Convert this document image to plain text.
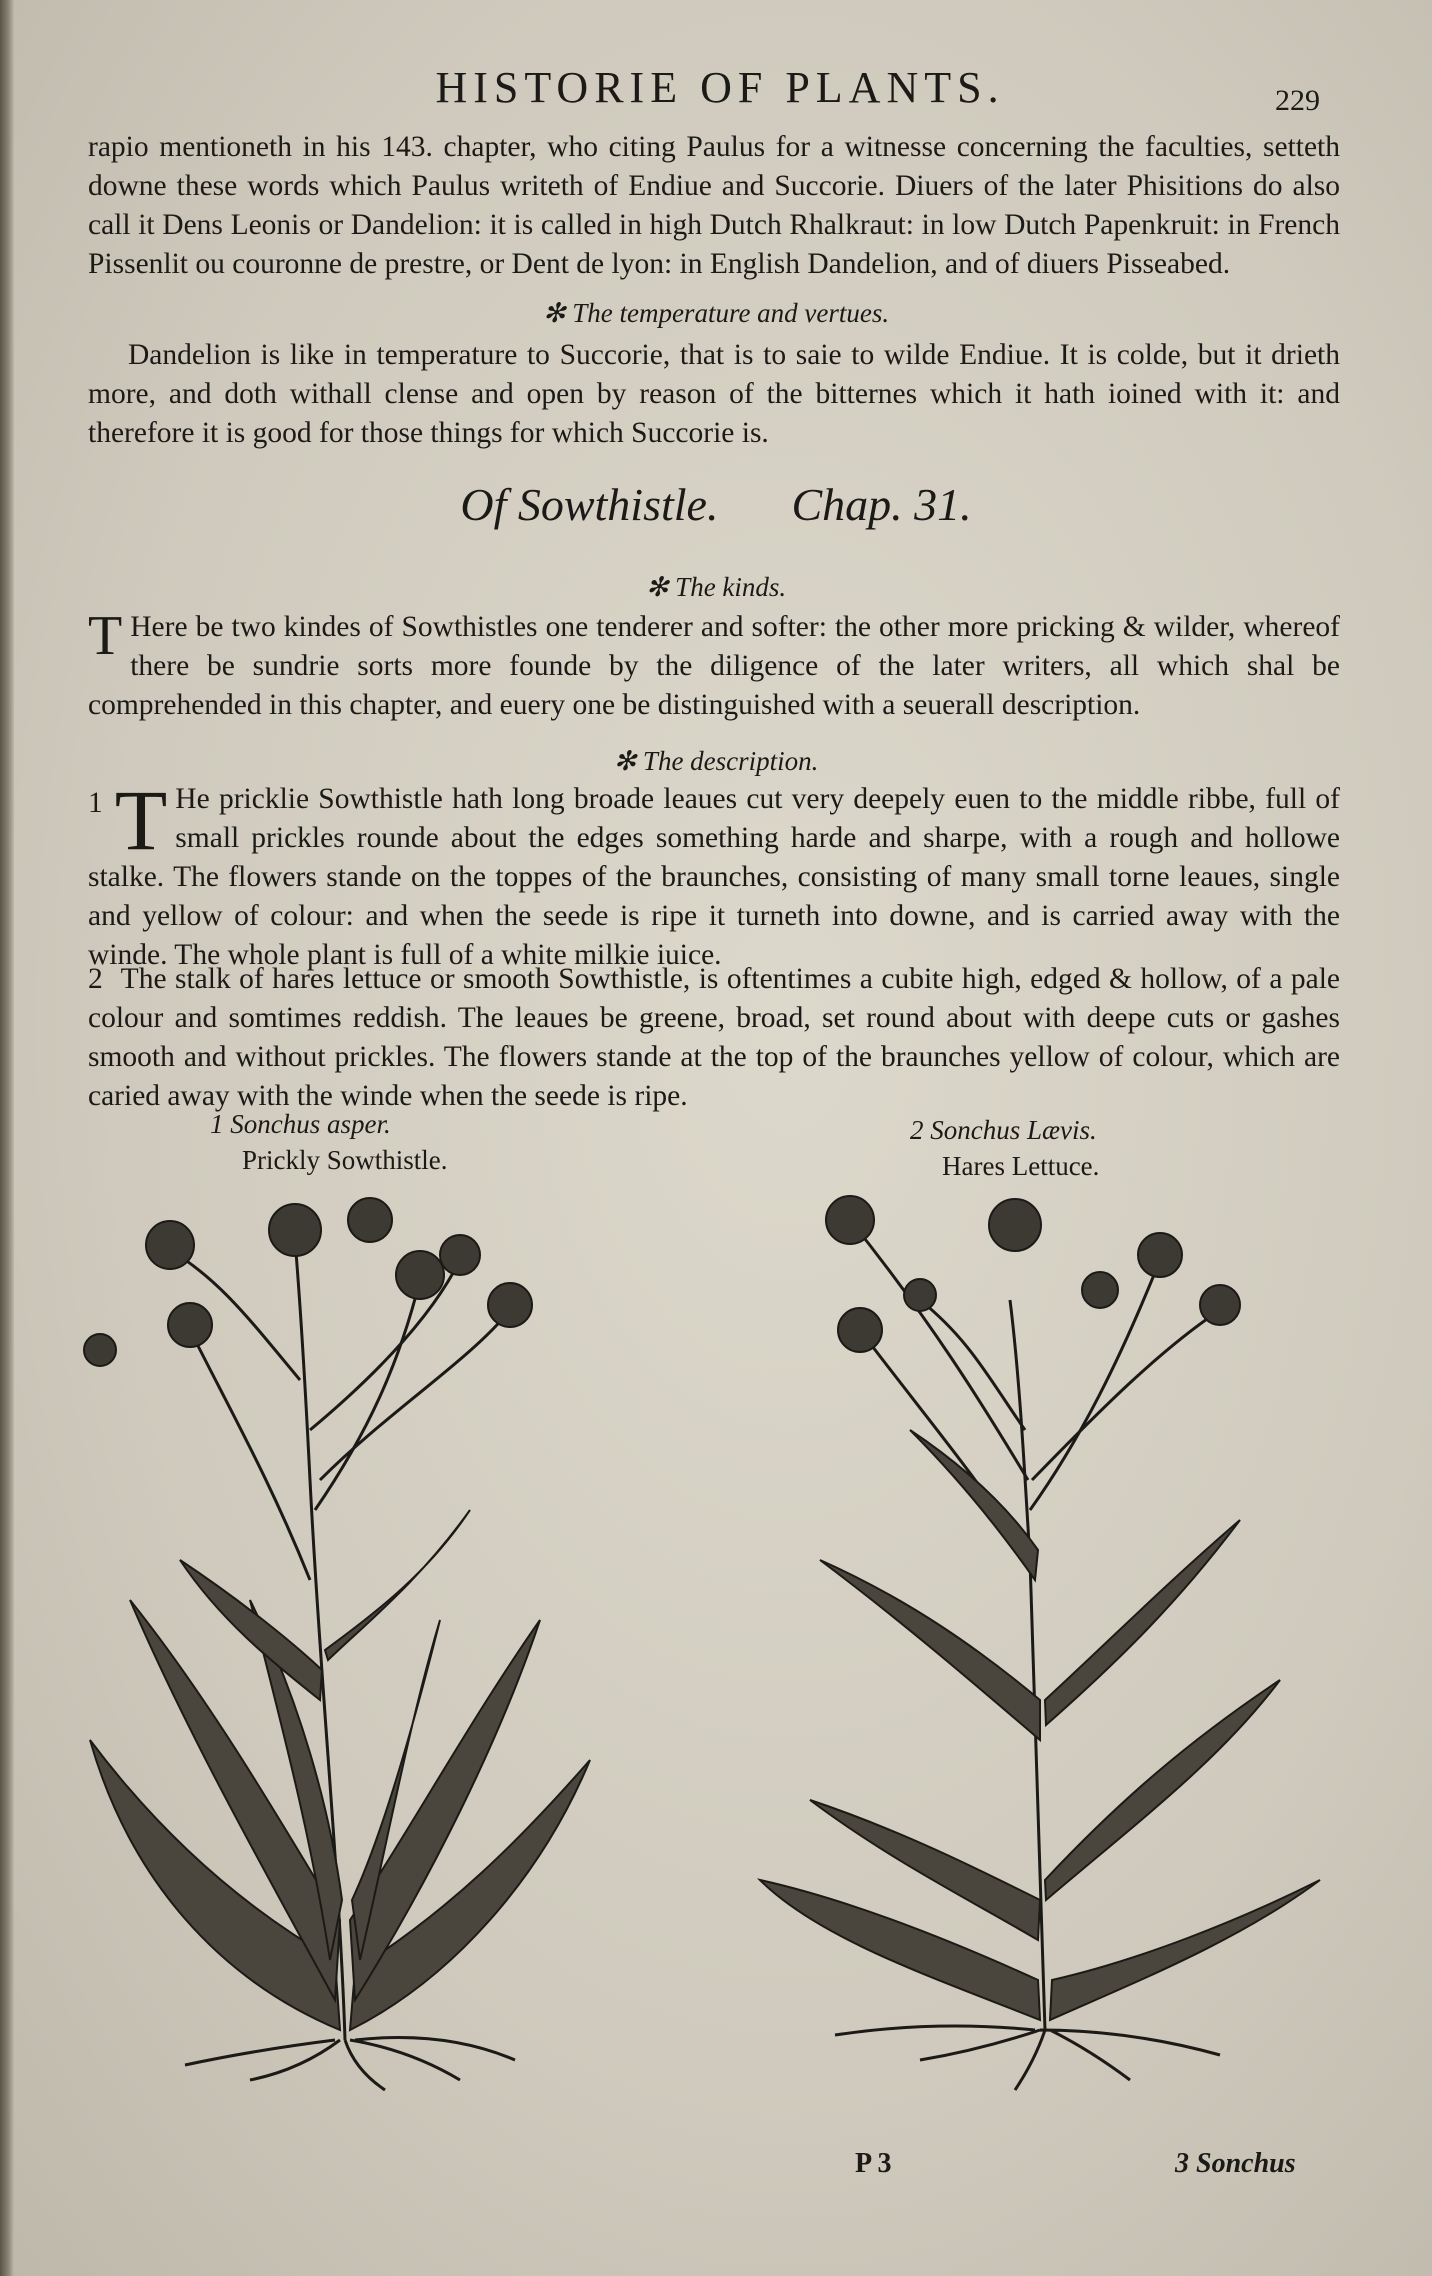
HISTORIE OF PLANTS.	229

rapio mentioneth in his 143. chapter, who citing Paulus for a witnesse concerning the faculties, setteth downe these words which Paulus writeth of Endiue and Succorie. Diuers of the later Phisitions do also call it Dens Leonis or Dandelion: it is called in high Dutch Rhalkraut: in low Dutch Papenkruit: in French Pissenlit ou couronne de prestre, or Dent de lyon: in English Dandelion, and of diuers Pisseabed.

✻ The temperature and vertues.

Dandelion is like in temperature to Succorie, that is to saie to wilde Endiue. It is colde, but it drieth more, and doth withall clense and open by reason of the bitternes which it hath ioined with it: and therefore it is good for those things for which Succorie is.

Of Sowthistle. Chap. 31.
✻ The kinds.
T Here be two kindes of Sowthistles one tenderer and softer: the other more pricking & wilder, whereof there be sundrie sorts more founde by the diligence of the later writers, all which shal be comprehended in this chapter, and euery one be distinguished with a seuerall description.
✻ The description.
1 T He pricklie Sowthistle hath long broade leaues cut very deepely euen to the middle ribbe, full of small prickles rounde about the edges something harde and sharpe, with a rough and hollowe stalke. The flowers stande on the toppes of the braunches, consisting of many small torne leaues, single and yellow of colour: and when the seede is ripe it turneth into downe, and is carried away with the winde. The whole plant is full of a white milkie iuice.
2 The stalk of hares lettuce or smooth Sowthistle, is oftentimes a cubite high, edged & hollow, of a pale colour and somtimes reddish. The leaues be greene, broad, set round about with deepe cuts or gashes smooth and without prickles. The flowers stande at the top of the braunches yellow of colour, which are caried away with the winde when the seede is ripe.
1 Sonchus asper.
Prickly Sowthistle.
2 Sonchus Lævis.
Hares Lettuce.
P 3	3 Sonchus
